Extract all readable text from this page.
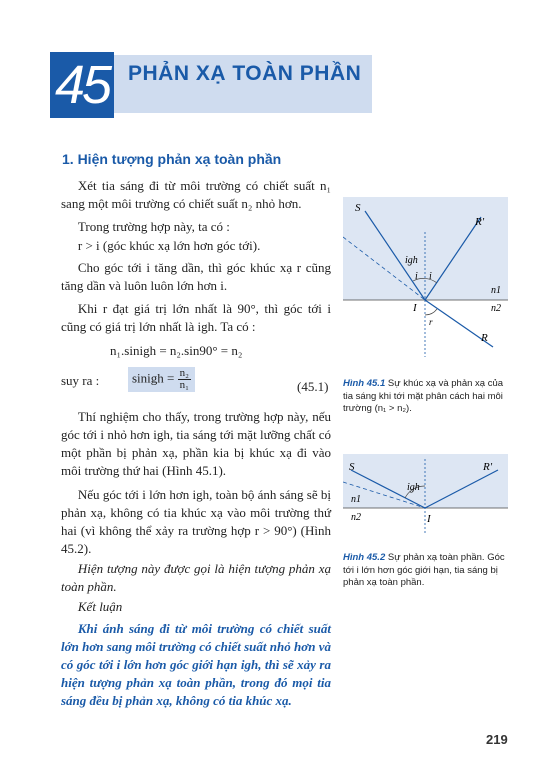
45 PHẢN XẠ TOÀN PHẦN
1. Hiện tượng phản xạ toàn phần

Xét tia sáng đi từ môi trường có chiết suất n₁ sang một môi trường có chiết suất n₂ nhỏ hơn.

Trong trường hợp này, ta có :

r > i (góc khúc xạ lớn hơn góc tới).

Cho góc tới i tăng dần, thì góc khúc xạ r cũng tăng dần và luôn luôn lớn hơn i.

Khi r đạt giá trị lớn nhất là 90°, thì góc tới i cũng có giá trị lớn nhất là igh. Ta có :

n₁.sinigh = n₂.sin90° = n₂
suy ra :	sinigh = $\frac{\text{n₂}}{\text{n₁}}$	(45.1)

Thí nghiệm cho thấy, trong trường hợp này, nếu góc tới i nhỏ hơn igh, tia sáng tới mặt lưỡng chất có một phần bị phản xạ, phần kia bị khúc xạ đi vào môi trường thứ hai (Hình 45.1).

Nếu góc tới i lớn hơn igh, toàn bộ ánh sáng sẽ bị phản xạ, không có tia khúc xạ vào môi trường thứ hai (vì không thể xảy ra trường hợp r > 90°) (Hình 45.2).

Hiện tượng này được gọi là hiện tượng phản xạ toàn phần.

Kết luận

Khi ánh sáng đi từ môi trường có chiết suất lớn hơn sang môi trường có chiết suất nhỏ hơn và có góc tới i lớn hơn góc giới hạn igh, thì sẽ xảy ra hiện tượng phản xạ toàn phần, trong đó mọi tia sáng đều bị phản xạ, không có tia khúc xạ.

S
R'
igh
i i
n1
n2
I
r
R
Hình 45.1 Sự khúc xạ và phản xạ của tia sáng khi tới mặt phân cách hai môi trường (n₁ > n₂).
S	R'
igh
n1
n2	I
Hình 45.2 Sự phản xạ toàn phần. Góc tới i lớn hơn góc giới hạn, tia sáng bị phản xạ toàn phần.
219
